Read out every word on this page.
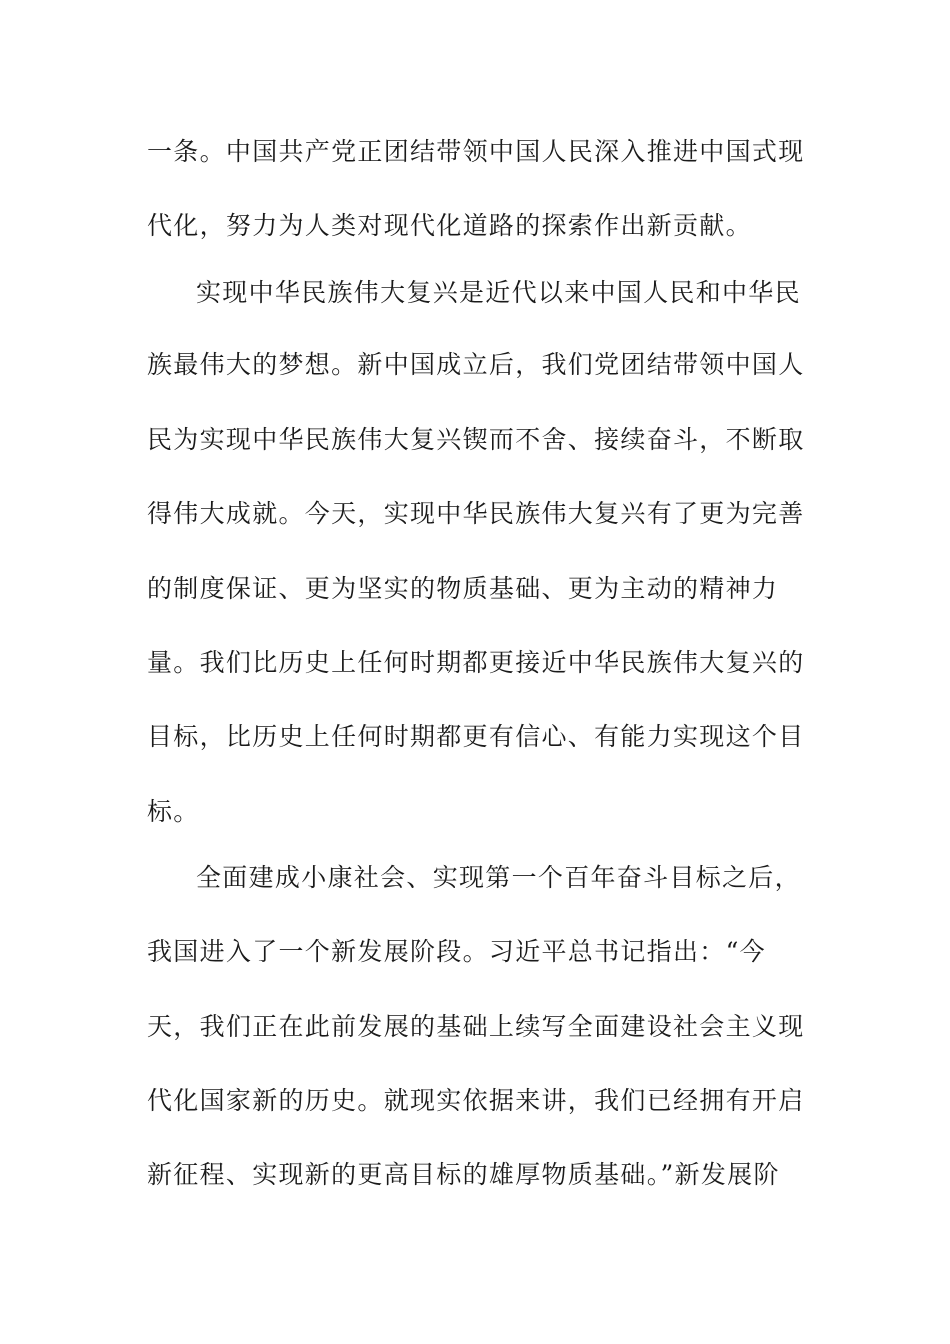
一条。中国共产党正团结带领中国人民深入推进中国式现
代化，努力为人类对现代化道路的探索作出新贡献。
实现中华民族伟大复兴是近代以来中国人民和中华民
族最伟大的梦想。新中国成立后，我们党团结带领中国人
民为实现中华民族伟大复兴锲而不舍、接续奋斗，不断取
得伟大成就。今天，实现中华民族伟大复兴有了更为完善
的制度保证、更为坚实的物质基础、更为主动的精神力
量。我们比历史上任何时期都更接近中华民族伟大复兴的
目标，比历史上任何时期都更有信心、有能力实现这个目
标。
全面建成小康社会、实现第一个百年奋斗目标之后，
我国进入了一个新发展阶段。习近平总书记指出：“今
天，我们正在此前发展的基础上续写全面建设社会主义现
代化国家新的历史。就现实依据来讲，我们已经拥有开启
新征程、实现新的更高目标的雄厚物质基础。”新发展阶
